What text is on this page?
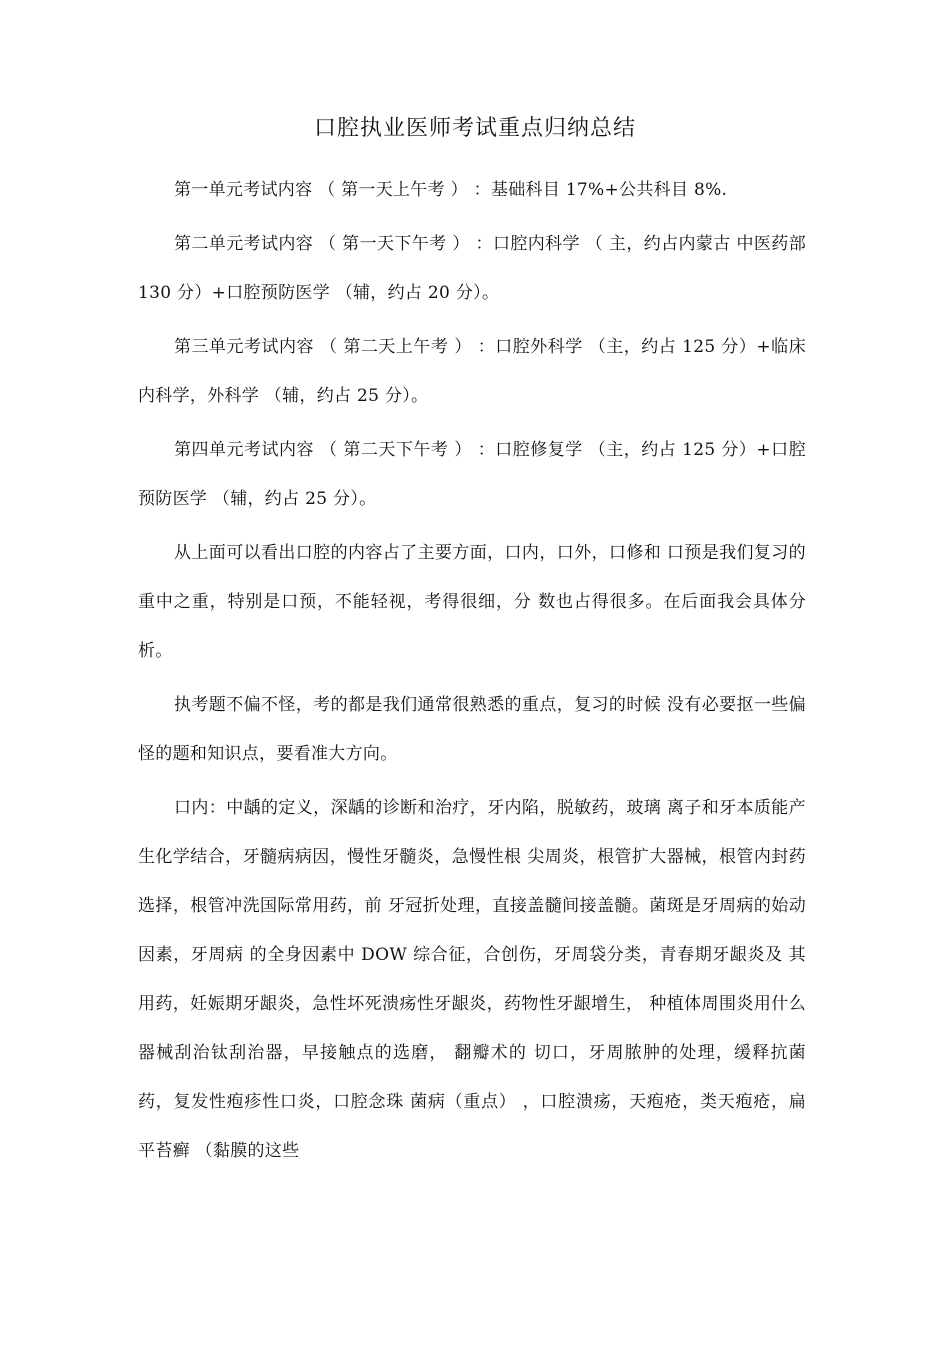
口腔执业医师考试重点归纳总结

第一单元考试内容 （ 第一天上午考 ） ：基础科目 17%+公共科目 8%.

第二单元考试内容 （ 第一天下午考 ） ：口腔内科学 （ 主，约占内蒙古 中医药部 130 分）+口腔预防医学 （辅，约占 20 分）。

第三单元考试内容 （ 第二天上午考 ） ：口腔外科学 （主，约占 125 分）+临床内科学，外科学 （辅，约占 25 分）。

第四单元考试内容 （ 第二天下午考 ） ：口腔修复学 （主，约占 125 分）+口腔预防医学 （辅，约占 25 分）。

从上面可以看出口腔的内容占了主要方面，口内，口外，口修和 口预是我们复习的重中之重，特别是口预，不能轻视，考得很细，分 数也占得很多。在后面我会具体分析。

执考题不偏不怪，考的都是我们通常很熟悉的重点，复习的时候 没有必要抠一些偏怪的题和知识点，要看准大方向。

口内：中龋的定义，深龋的诊断和治疗，牙内陷，脱敏药，玻璃 离子和牙本质能产生化学结合，牙髓病病因，慢性牙髓炎，急慢性根 尖周炎，根管扩大器械，根管内封药选择，根管冲洗国际常用药，前 牙冠折处理，直接盖髓间接盖髓。菌斑是牙周病的始动因素，牙周病 的全身因素中 DOW 综合征，合创伤，牙周袋分类，青春期牙龈炎及 其用药，妊娠期牙龈炎，急性坏死溃疡性牙龈炎，药物性牙龈增生， 种植体周围炎用什么器械刮治钛刮治器，早接触点的选磨， 翻瓣术的 切口，牙周脓肿的处理，缓释抗菌药，复发性疱疹性口炎，口腔念珠 菌病（重点） ，口腔溃疡，天疱疮，类天疱疮，扁平苔癣 （黏膜的这些
